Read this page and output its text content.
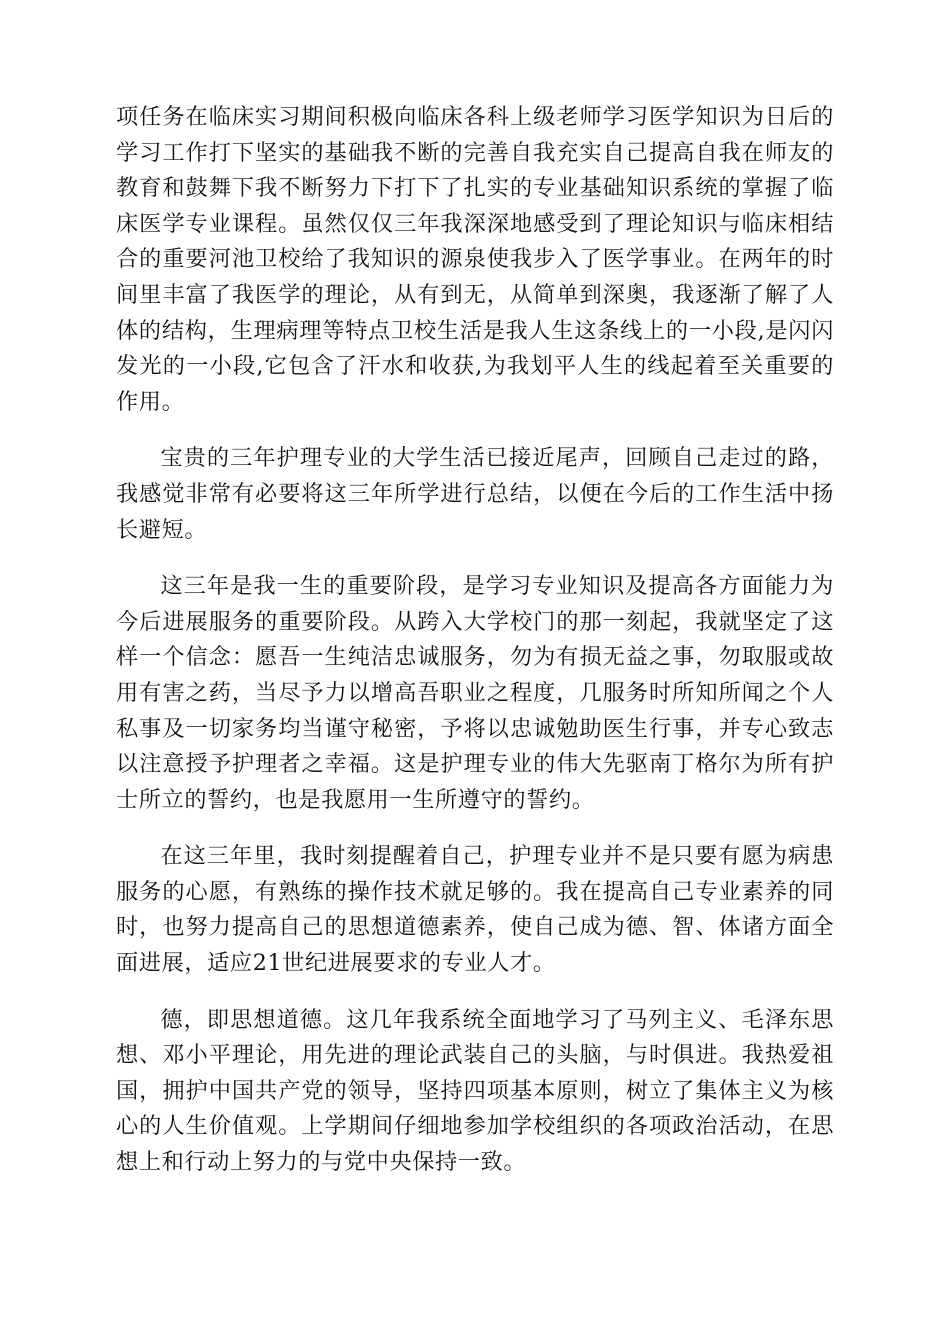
项任务在临床实习期间积极向临床各科上级老师学习医学知识为日后的学习工作打下坚实的基础我不断的完善自我充实自己提高自我在师友的教育和鼓舞下我不断努力下打下了扎实的专业基础知识系统的掌握了临床医学专业课程。虽然仅仅三年我深深地感受到了理论知识与临床相结合的重要河池卫校给了我知识的源泉使我步入了医学事业。在两年的时间里丰富了我医学的理论，从有到无，从简单到深奥，我逐渐了解了人体的结构，生理病理等特点卫校生活是我人生这条线上的一小段,是闪闪发光的一小段,它包含了汗水和收获,为我划平人生的线起着至关重要的作用。

宝贵的三年护理专业的大学生活已接近尾声，回顾自己走过的路，我感觉非常有必要将这三年所学进行总结，以便在今后的工作生活中扬长避短。

这三年是我一生的重要阶段，是学习专业知识及提高各方面能力为今后进展服务的重要阶段。从跨入大学校门的那一刻起，我就坚定了这样一个信念：愿吾一生纯洁忠诚服务，勿为有损无益之事，勿取服或故用有害之药，当尽予力以增高吾职业之程度，几服务时所知所闻之个人私事及一切家务均当谨守秘密，予将以忠诚勉助医生行事，并专心致志以注意授予护理者之幸福。这是护理专业的伟大先驱南丁格尔为所有护士所立的誓约，也是我愿用一生所遵守的誓约。

在这三年里，我时刻提醒着自己，护理专业并不是只要有愿为病患服务的心愿，有熟练的操作技术就足够的。我在提高自己专业素养的同时，也努力提高自己的思想道德素养，使自己成为德、智、体诸方面全面进展，适应21世纪进展要求的专业人才。

德，即思想道德。这几年我系统全面地学习了马列主义、毛泽东思想、邓小平理论，用先进的理论武装自己的头脑，与时俱进。我热爱祖国，拥护中国共产党的领导，坚持四项基本原则，树立了集体主义为核心的人生价值观。上学期间仔细地参加学校组织的各项政治活动，在思想上和行动上努力的与党中央保持一致。
